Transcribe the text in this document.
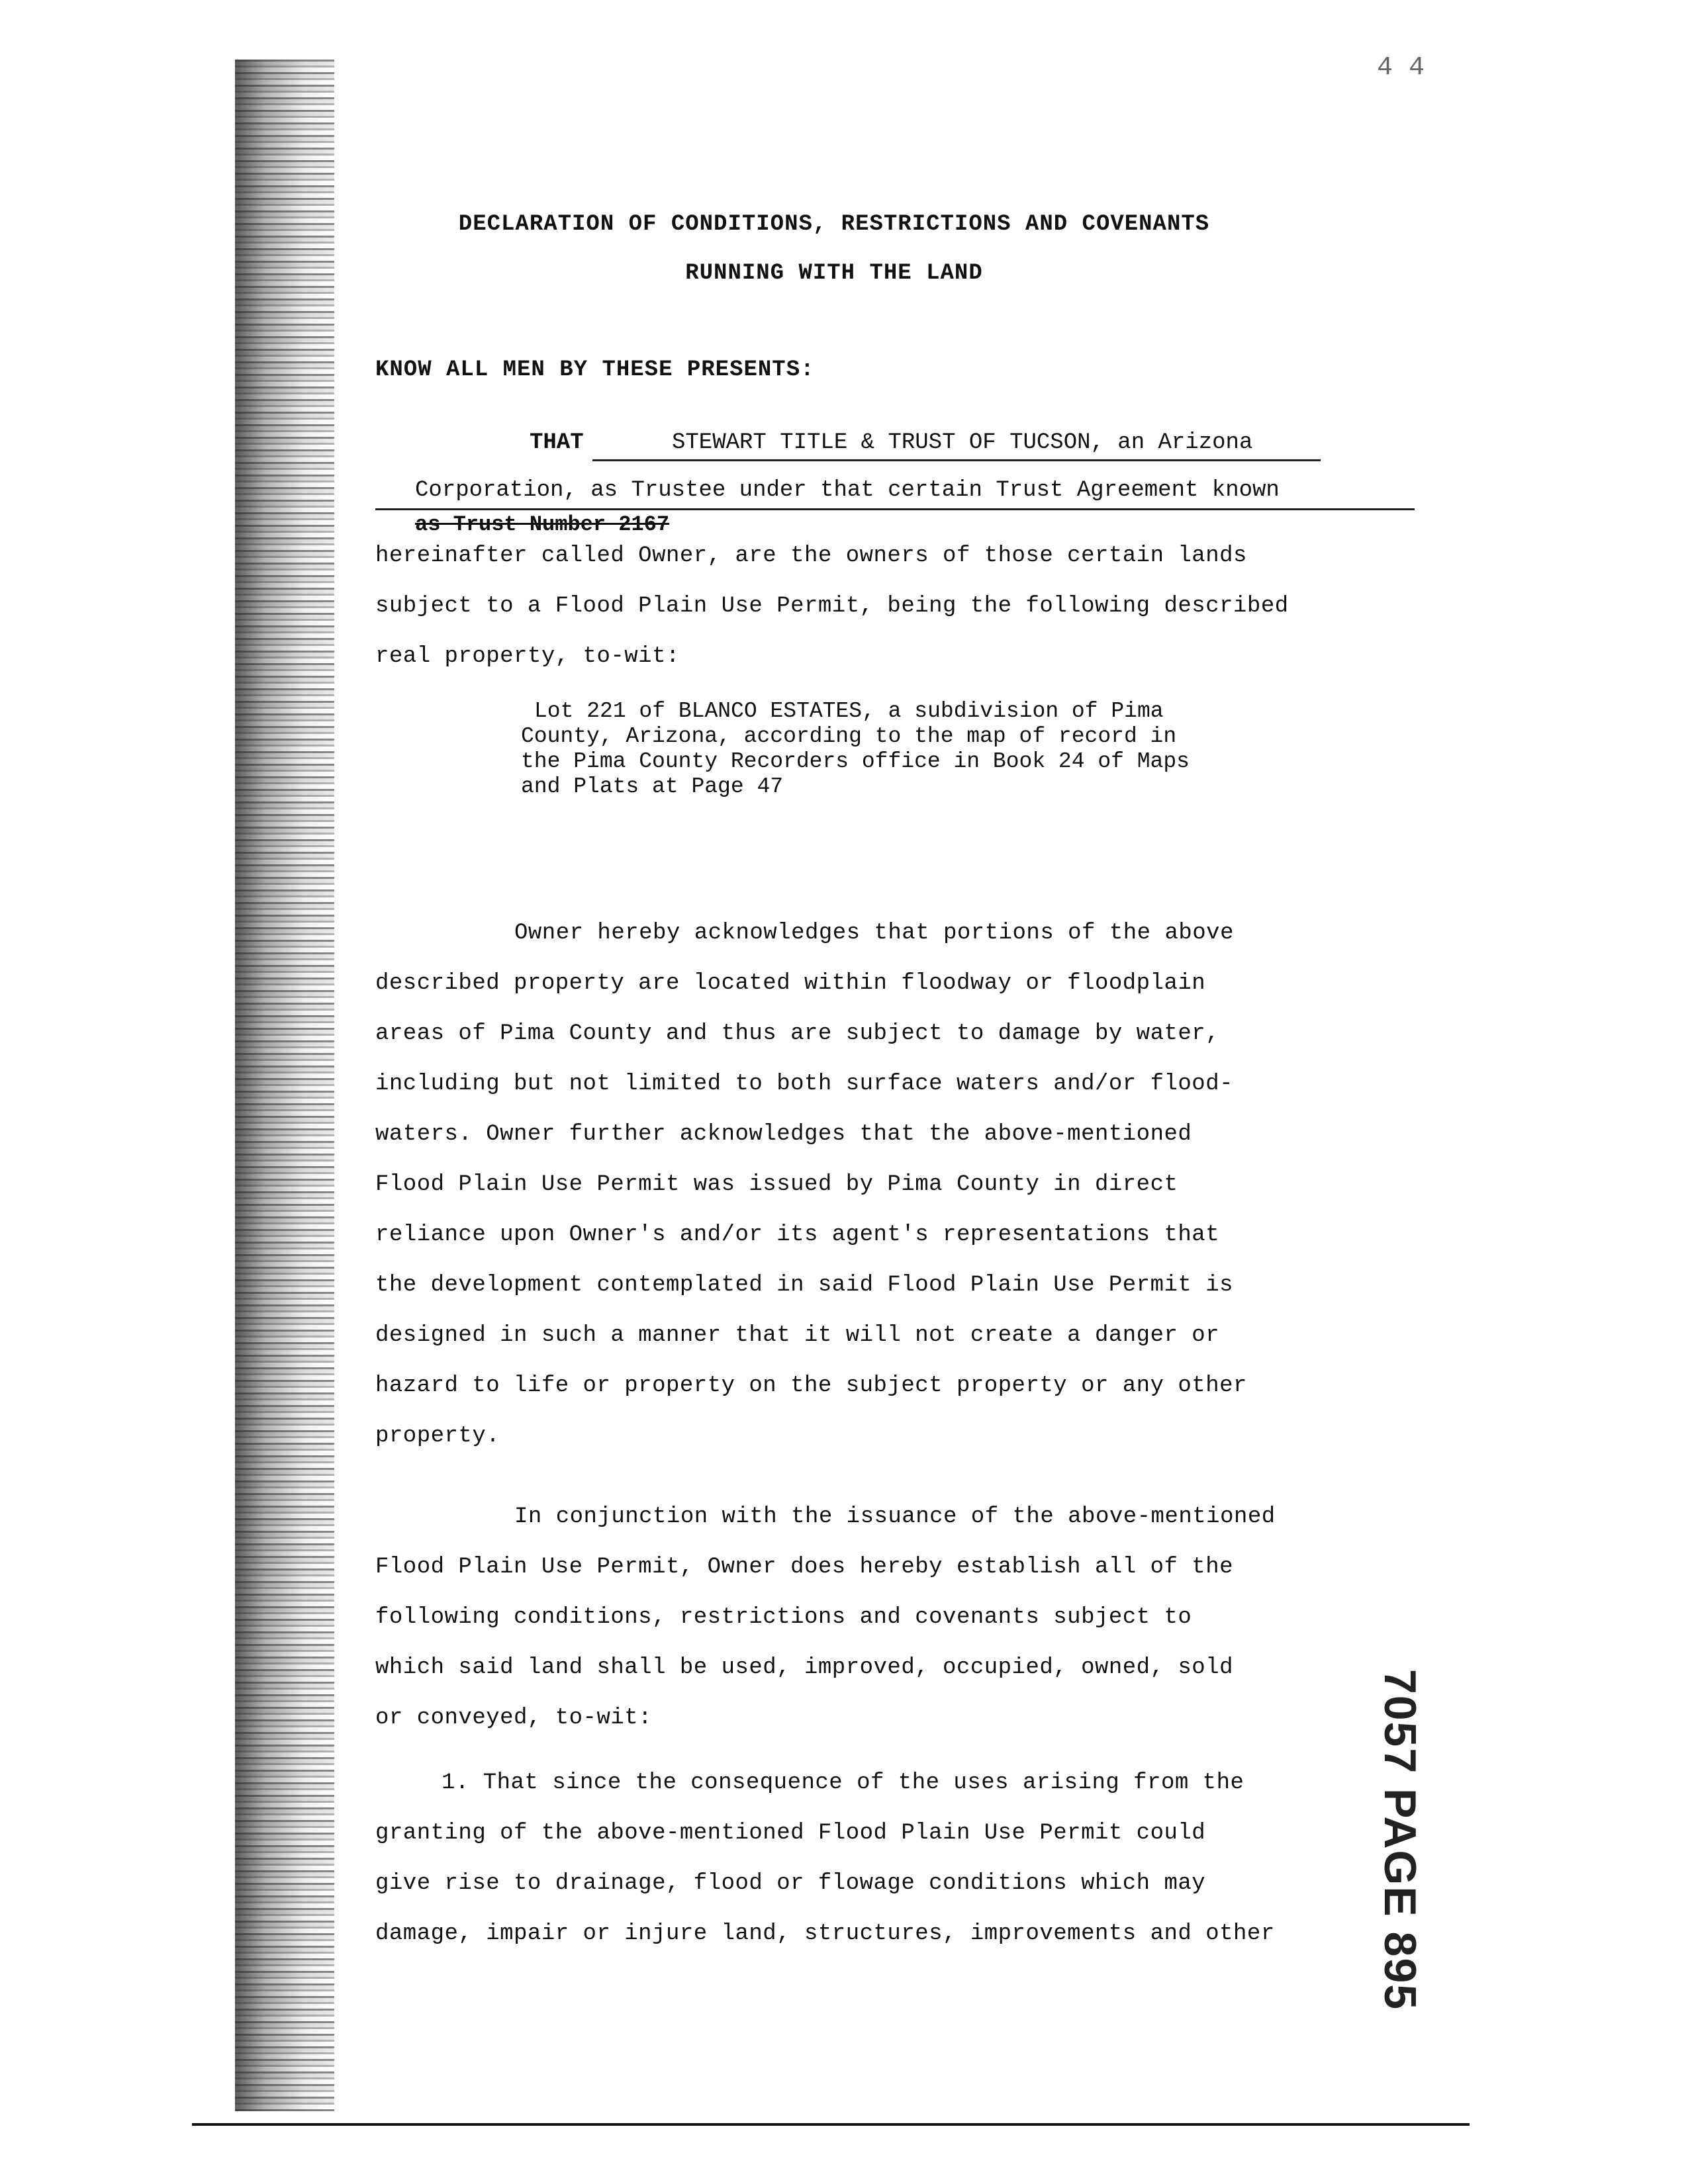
4 4
DECLARATION OF CONDITIONS, RESTRICTIONS AND COVENANTS
RUNNING WITH THE LAND
KNOW ALL MEN BY THESE PRESENTS:
THAT	STEWART TITLE & TRUST OF TUCSON, an Arizona
Corporation, as Trustee under that certain Trust Agreement known
as Trust Number 2167
hereinafter called Owner, are the owners of those certain lands
subject to a Flood Plain Use Permit, being the following described
real property, to-wit:
Lot 221 of BLANCO ESTATES, a subdivision of Pima
County, Arizona, according to the map of record in
the Pima County Recorders office in Book 24 of Maps
and Plats at Page 47
Owner hereby acknowledges that portions of the above
described property are located within floodway or floodplain
areas of Pima County and thus are subject to damage by water,
including but not limited to both surface waters and/or flood-
waters. Owner further acknowledges that the above-mentioned
Flood Plain Use Permit was issued by Pima County in direct
reliance upon Owner's and/or its agent's representations that
the development contemplated in said Flood Plain Use Permit is
designed in such a manner that it will not create a danger or
hazard to life or property on the subject property or any other
property.
In conjunction with the issuance of the above-mentioned
Flood Plain Use Permit, Owner does hereby establish all of the
following conditions, restrictions and covenants subject to
which said land shall be used, improved, occupied, owned, sold
or conveyed, to-wit:
1. That since the consequence of the uses arising from the
granting of the above-mentioned Flood Plain Use Permit could
give rise to drainage, flood or flowage conditions which may
damage, impair or injure land, structures, improvements and other	7057 PAGE 895
